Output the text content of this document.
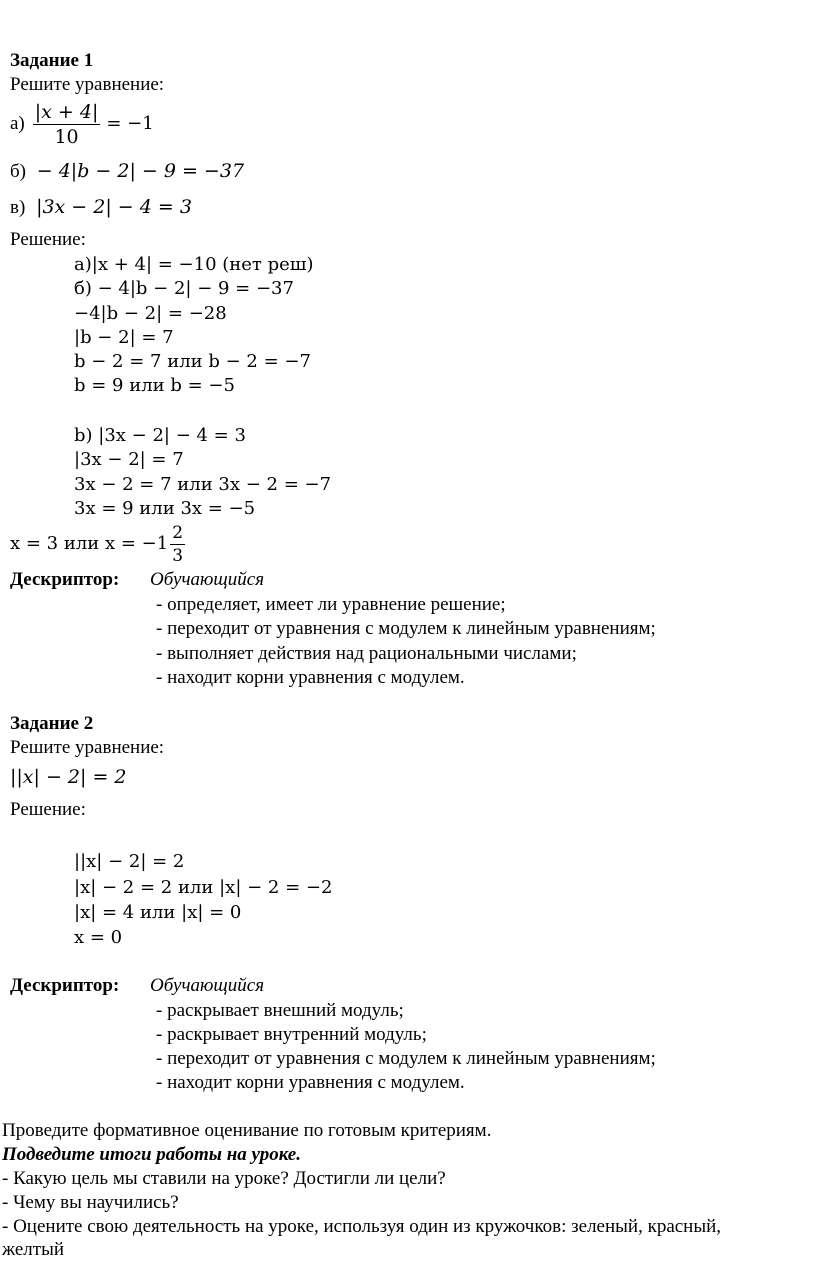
Задание 1
Решите уравнение:
$а) \frac{|x + 4|}{10} = -1$
б) − 4|b − 2| − 9 = −37
в) |3x − 2| − 4 = 3
Решение:
a)|x + 4| = −10 (нет реш)
б) − 4|b − 2| − 9 = −37
−4|b − 2| = −28
|b − 2| = 7
b − 2 = 7 или b − 2 = −7
b = 9 или b = −5
b) |3x − 2| − 4 = 3
|3x − 2| = 7
3x − 2 = 7 или 3x − 2 = −7
3x = 9 или 3x = −5
x = 3 или $x = -1 \frac{2}{3}$
Дескриптор: Обучающийся
- определяет, имеет ли уравнение решение;
- переходит от уравнения с модулем к линейным уравнениям;
- выполняет действия над рациональными числами;
- находит корни уравнения с модулем.
Задание 2
Решите уравнение:
||x| − 2| = 2
Решение:
||x| − 2| = 2
|x| − 2 = 2 или |x| − 2 = −2
|x| = 4 или |x| = 0
x = 0
Дескриптор: Обучающийся
- раскрывает внешний модуль;
- раскрывает внутренний модуль;
- переходит от уравнения с модулем к линейным уравнениям;
- находит корни уравнения с модулем.
Проведите формативное оценивание по готовым критериям.
Подведите итоги работы на уроке.
- Какую цель мы ставили на уроке? Достигли ли цели?
- Чему вы научились?
- Оцените свою деятельность на уроке, используя один из кружочков: зеленый, красный,
желтый
